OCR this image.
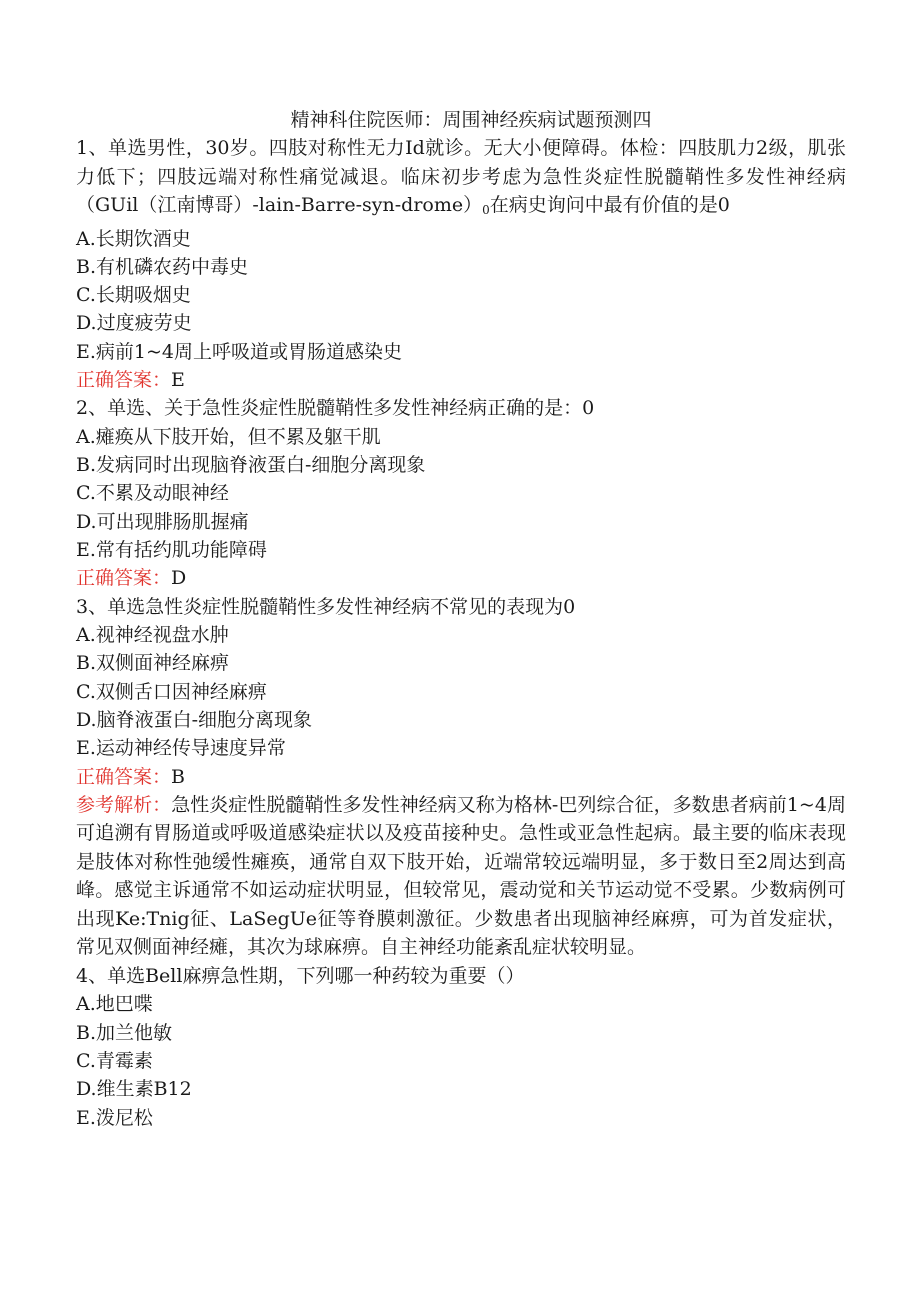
精神科住院医师：周围神经疾病试题预测四

1、单选男性，30岁。四肢对称性无力Id就诊。无大小便障碍。体检：四肢肌力2级，肌张力低下；四肢远端对称性痛觉减退。临床初步考虑为急性炎症性脱髓鞘性多发性神经病（GUil（江南博哥）$-lain-Barre-syn-drome)_0$在病史询问中最有价值的是0

A.长期饮酒史

B.有机磷农药中毒史

C.长期吸烟史

D.过度疲劳史

E.病前1~4周上呼吸道或胃肠道感染史

正确答案：E

2、单选、关于急性炎症性脱髓鞘性多发性神经病正确的是：0

A.瘫痪从下肢开始，但不累及躯干肌

B.发病同时出现脑脊液蛋白-细胞分离现象

C.不累及动眼神经

D.可出现腓肠肌握痛

E.常有括约肌功能障碍

正确答案：D

3、单选急性炎症性脱髓鞘性多发性神经病不常见的表现为0

A.视神经视盘水肿

B.双侧面神经麻痹

C.双侧舌口因神经麻痹

D.脑脊液蛋白-细胞分离现象

E.运动神经传导速度异常

正确答案：B

参考解析：急性炎症性脱髓鞘性多发性神经病又称为格林-巴列综合征，多数患者病前1~4周可追溯有胃肠道或呼吸道感染症状以及疫苗接种史。急性或亚急性起病。最主要的临床表现是肢体对称性弛缓性瘫痪，通常自双下肢开始，近端常较远端明显，多于数日至2周达到高峰。感觉主诉通常不如运动症状明显，但较常见，震动觉和关节运动觉不受累。少数病例可出现Ke:Tnig征、LaSegUe征等脊膜刺激征。少数患者出现脑神经麻痹，可为首发症状，常见双侧面神经瘫，其次为球麻痹。自主神经功能紊乱症状较明显。

4、单选Bell麻痹急性期，下列哪一种药较为重要（）

A.地巴喋

B.加兰他敏

C.青霉素

D.维生素B12

E.泼尼松
